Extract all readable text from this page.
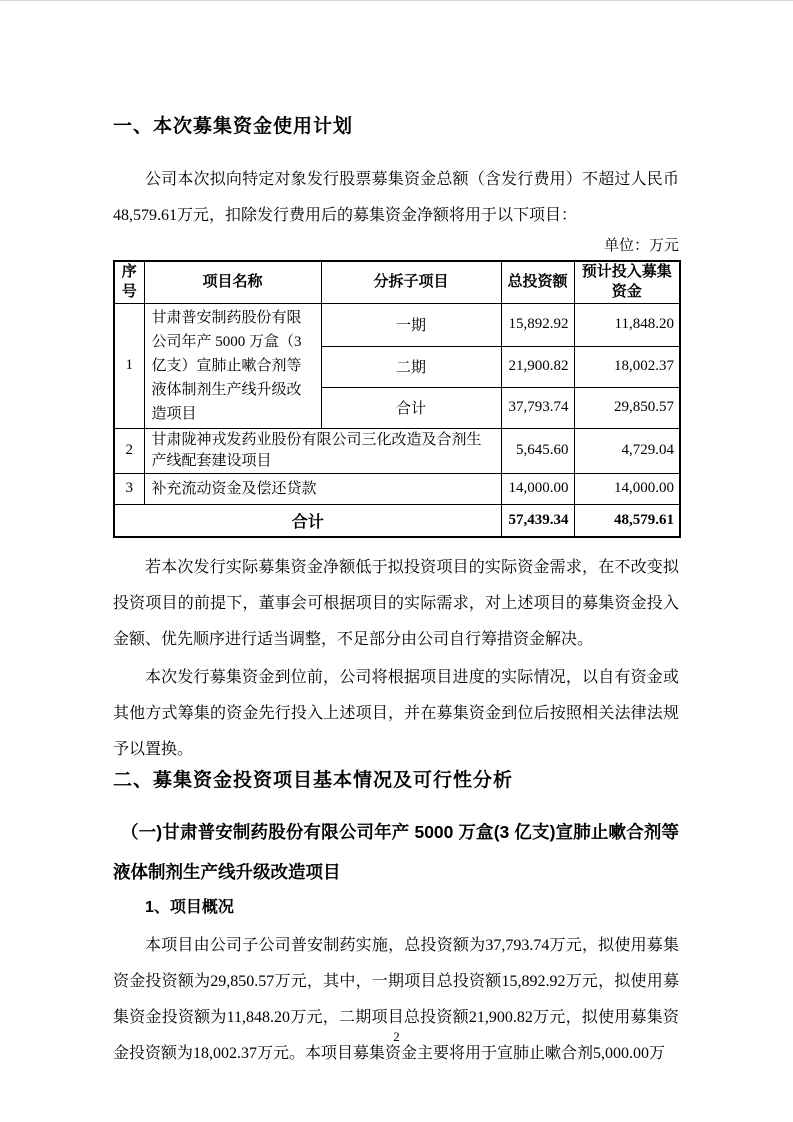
一、本次募集资金使用计划

公司本次拟向特定对象发行股票募集资金总额（含发行费用）不超过人民币48,579.61万元，扣除发行费用后的募集资金净额将用于以下项目：

单位：万元
序号	项目名称	分拆子项目	总投资额	预计投入募集资金
1	甘肃普安制药股份有限公司年产 5000 万盒（3 亿支）宣肺止嗽合剂等液体制剂生产线升级改造项目	一期	15,892.92	11,848.20
		二期	21,900.82	18,002.37
		合计	37,793.74	29,850.57
2	甘肃陇神戎发药业股份有限公司三化改造及合剂生产线配套建设项目		5,645.60	4,729.04
3	补充流动资金及偿还贷款		14,000.00	14,000.00
合计			57,439.34	48,579.61

若本次发行实际募集资金净额低于拟投资项目的实际资金需求，在不改变拟投资项目的前提下，董事会可根据项目的实际需求，对上述项目的募集资金投入金额、优先顺序进行适当调整，不足部分由公司自行筹措资金解决。

本次发行募集资金到位前，公司将根据项目进度的实际情况，以自有资金或其他方式筹集的资金先行投入上述项目，并在募集资金到位后按照相关法律法规予以置换。

二、募集资金投资项目基本情况及可行性分析
（一)甘肃普安制药股份有限公司年产 5000 万盒(3 亿支)宣肺止嗽合剂等液体制剂生产线升级改造项目
1、项目概况

本项目由公司子公司普安制药实施，总投资额为37,793.74万元，拟使用募集资金投资额为29,850.57万元，其中，一期项目总投资额15,892.92万元，拟使用募集资金投资额为11,848.20万元，二期项目总投资额21,900.82万元，拟使用募集资金投资额为18,002.37万元。本项目募集资金主要将用于宣肺止嗽合剂5,000.00万

2
